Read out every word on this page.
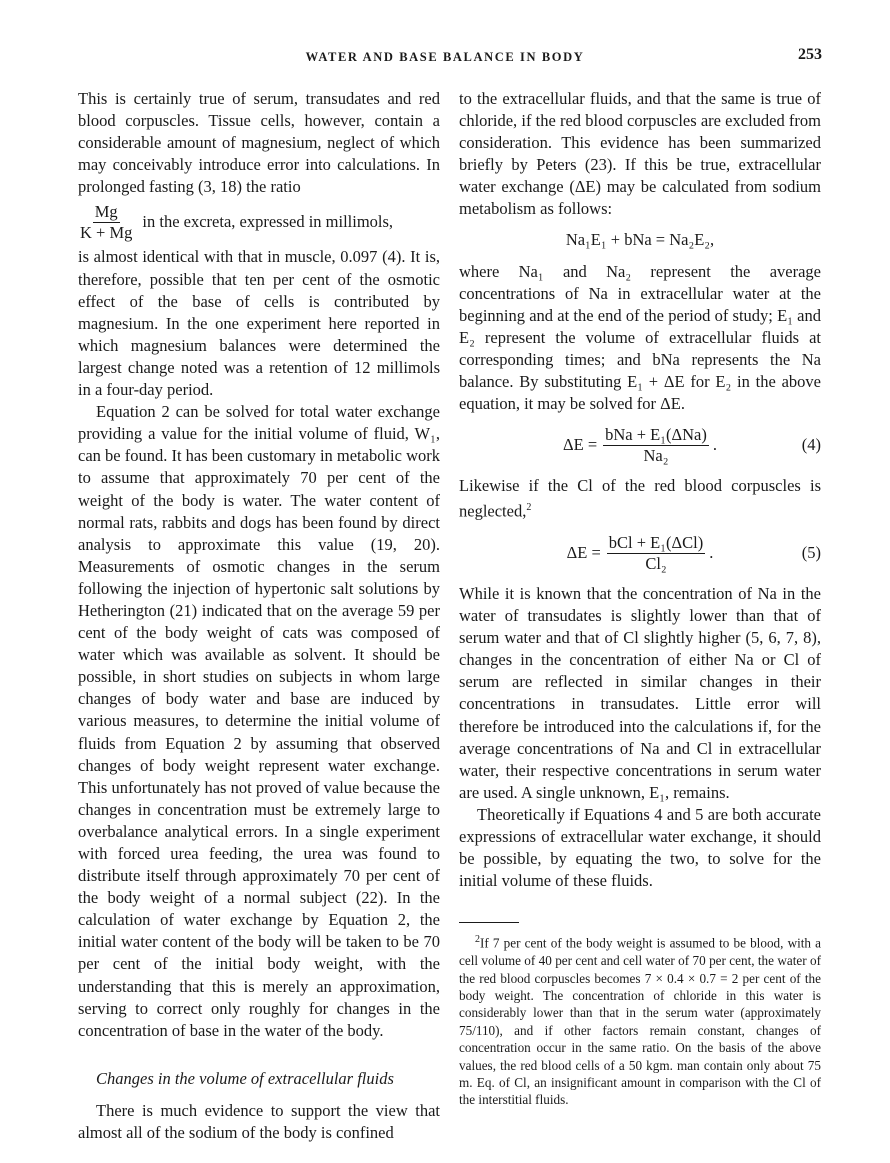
WATER AND BASE BALANCE IN BODY	253

This is certainly true of serum, transudates and red blood corpuscles. Tissue cells, however, contain a considerable amount of magnesium, neglect of which may conceivably introduce error into calculations. In prolonged fasting (3, 18) the ratio

$\frac{Mg}{K + Mg}$ in the excreta, expressed in millimols,

is almost identical with that in muscle, 0.097 (4). It is, therefore, possible that ten per cent of the osmotic effect of the base of cells is contributed by magnesium. In the one experiment here reported in which magnesium balances were determined the largest change noted was a retention of 12 millimols in a four-day period.

Equation 2 can be solved for total water exchange providing a value for the initial volume of fluid, W₁, can be found. It has been customary in metabolic work to assume that approximately 70 per cent of the weight of the body is water. The water content of normal rats, rabbits and dogs has been found by direct analysis to approximate this value (19, 20). Measurements of osmotic changes in the serum following the injection of hypertonic salt solutions by Hetherington (21) indicated that on the average 59 per cent of the body weight of cats was composed of water which was available as solvent. It should be possible, in short studies on subjects in whom large changes of body water and base are induced by various measures, to determine the initial volume of fluids from Equation 2 by assuming that observed changes of body weight represent water exchange. This unfortunately has not proved of value because the changes in concentration must be extremely large to overbalance analytical errors. In a single experiment with forced urea feeding, the urea was found to distribute itself through approximately 70 per cent of the body weight of a normal subject (22). In the calculation of water exchange by Equation 2, the initial water content of the body will be taken to be 70 per cent of the initial body weight, with the understanding that this is merely an approximation, serving to correct only roughly for changes in the concentration of base in the water of the body.

Changes in the volume of extracellular fluids

There is much evidence to support the view that almost all of the sodium of the body is confined

to the extracellular fluids, and that the same is true of chloride, if the red blood corpuscles are excluded from consideration. This evidence has been summarized briefly by Peters (23). If this be true, extracellular water exchange (ΔE) may be calculated from sodium metabolism as follows:

Na₁E₁ + bNa = Na₂E₂,

where Na₁ and Na₂ represent the average concentrations of Na in extracellular water at the beginning and at the end of the period of study; E₁ and E₂ represent the volume of extracellular fluids at corresponding times; and bNa represents the Na balance. By substituting E₁ + ΔE for E₂ in the above equation, it may be solved for ΔE.

$\Delta E = \frac{\text{bNa + E₁(ΔNa)}}{\text{Na₂}}$ .	(4)

Likewise if the Cl of the red blood corpuscles is neglected,$^2$

$\Delta E = \frac{\text{bCl + E₁(ΔCl)}}{\text{Cl₂}}$ .	(5)

While it is known that the concentration of Na in the water of transudates is slightly lower than that of serum water and that of Cl slightly higher (5, 6, 7, 8), changes in the concentration of either Na or Cl of serum are reflected in similar changes in their concentrations in transudates. Little error will therefore be introduced into the calculations if, for the average concentrations of Na and Cl in extracellular water, their respective concentrations in serum water are used. A single unknown, E₁, remains.

Theoretically if Equations 4 and 5 are both accurate expressions of extracellular water exchange, it should be possible, by equating the two, to solve for the initial volume of these fluids.

$^2$If 7 per cent of the body weight is assumed to be blood, with a cell volume of 40 per cent and cell water of 70 per cent, the water of the red blood corpuscles becomes 7 × 0.4 × 0.7 = 2 per cent of the body weight. The concentration of chloride in this water is considerably lower than that in the serum water (approximately 75/110), and if other factors remain constant, changes of concentration occur in the same ratio. On the basis of the above values, the red blood cells of a 50 kgm. man contain only about 75 m. Eq. of Cl, an insignificant amount in comparison with the Cl of the interstitial fluids.
